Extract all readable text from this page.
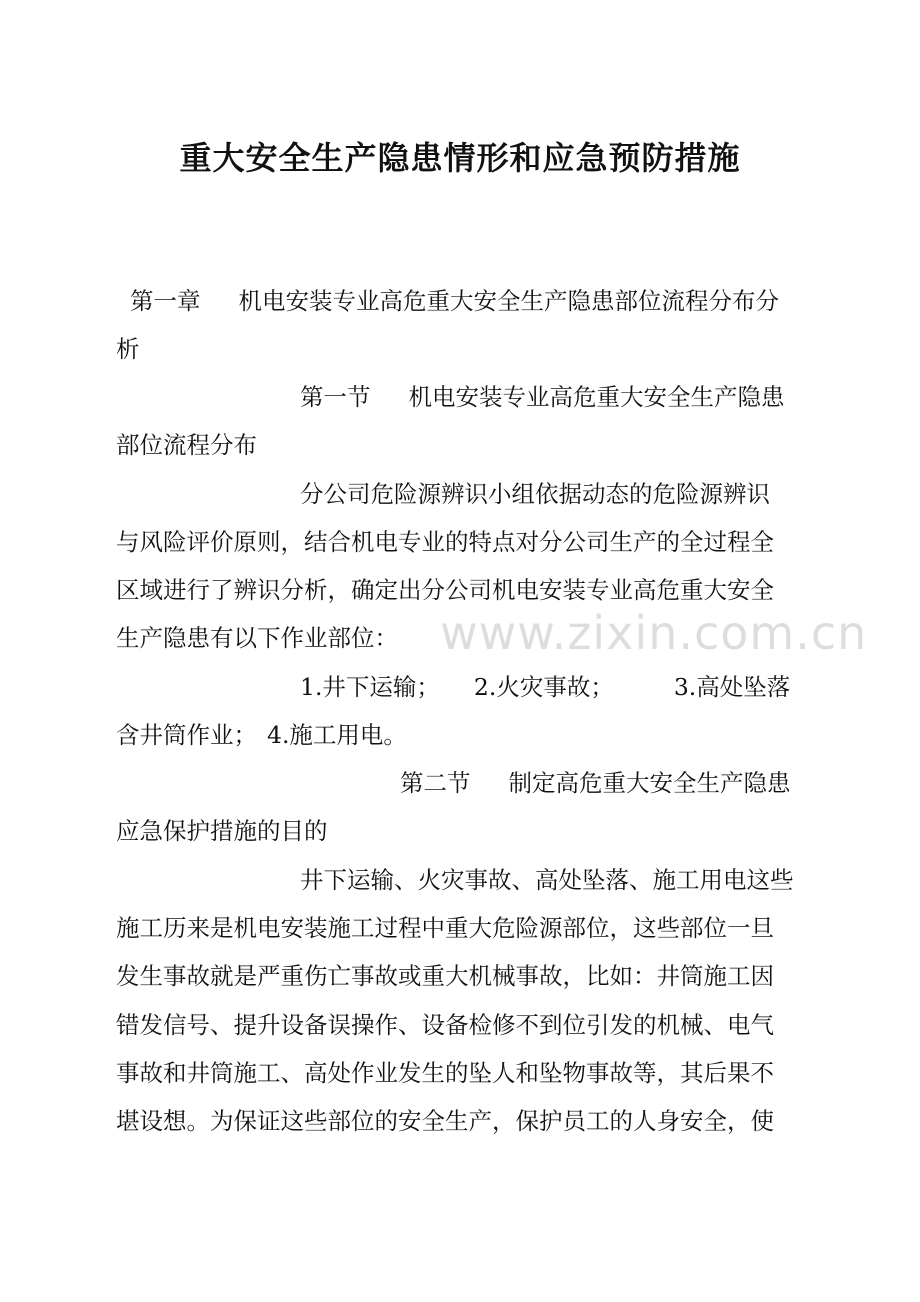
重大安全生产隐患情形和应急预防措施

第一章 机电安装专业高危重大安全生产隐患部位流程分布分

析

第一节 机电安装专业高危重大安全生产隐患

部位流程分布

分公司危险源辨识小组依据动态的危险源辨识

与风险评价原则，结合机电专业的特点对分公司生产的全过程全

区域进行了辨识分析，确定出分公司机电安装专业高危重大安全

生产隐患有以下作业部位：

1.井下运输； 2.火灾事故；	3.高处坠落

含井筒作业； 4.施工用电。

第二节 制定高危重大安全生产隐患

应急保护措施的目的

井下运输、火灾事故、高处坠落、施工用电这些

施工历来是机电安装施工过程中重大危险源部位，这些部位一旦

发生事故就是严重伤亡事故或重大机械事故，比如：井筒施工因

错发信号、提升设备误操作、设备检修不到位引发的机械、电气

事故和井筒施工、高处作业发生的坠人和坠物事故等，其后果不

堪设想。为保证这些部位的安全生产，保护员工的人身安全，使

www.zixin.com.cn
